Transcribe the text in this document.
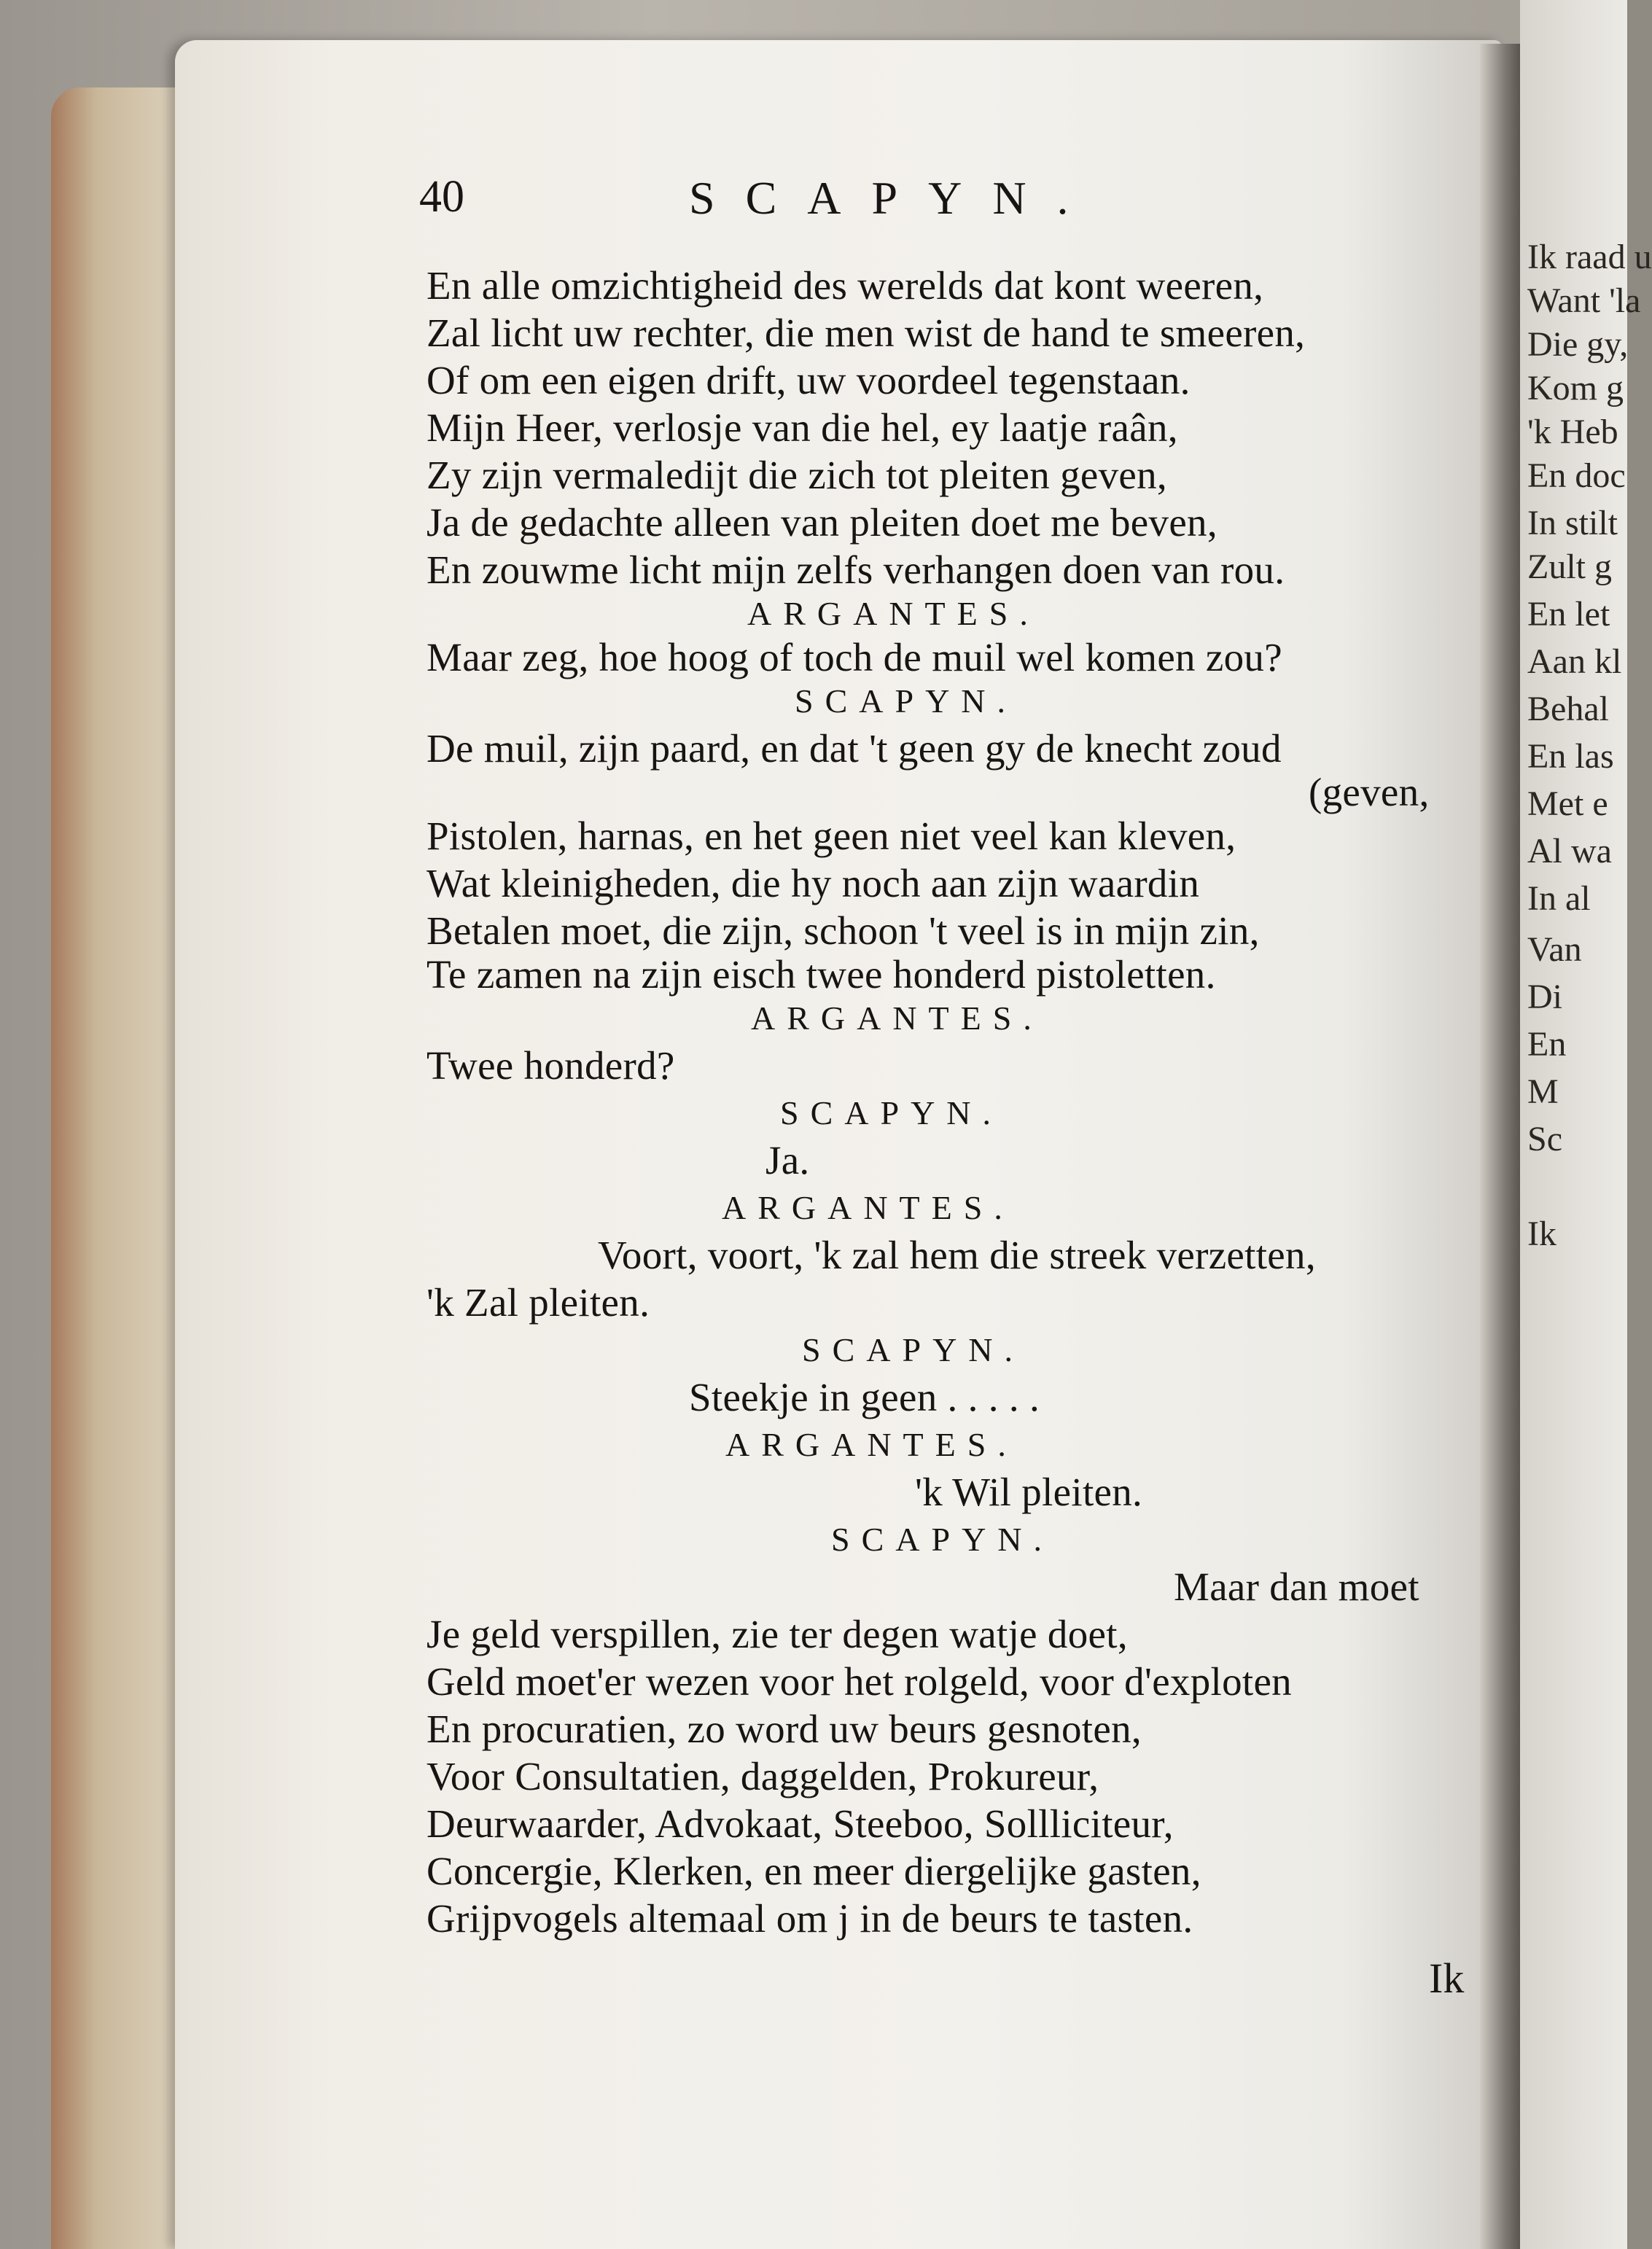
Ik raad u
Want 'la
Die gy,
Kom g
'k Heb
En doc
In stilt
Zult g
En let
Aan kl
Behal
En las
Met e
Al wa
In al
Van
Di
En
M
Sc
Ik
40	SCAPYN.
En alle omzichtigheid des werelds dat kont weeren,
Zal licht uw rechter, die men wist de hand te smeeren,
Of om een eigen drift, uw voordeel tegenstaan.
Mijn Heer, verlosje van die hel, ey laatje raân,
Zy zijn vermaledijt die zich tot pleiten geven,
Ja de gedachte alleen van pleiten doet me beven,
En zouwme licht mijn zelfs verhangen doen van rou.
ARGANTES.
Maar zeg, hoe hoog of toch de muil wel komen zou?
SCAPYN.
De muil, zijn paard, en dat 't geen gy de knecht zoud
(geven,
Pistolen, harnas, en het geen niet veel kan kleven,
Wat kleinigheden, die hy noch aan zijn waardin
Betalen moet, die zijn, schoon 't veel is in mijn zin,
Te zamen na zijn eisch twee honderd pistoletten.
ARGANTES.
Twee honderd?
SCAPYN.
Ja.
ARGANTES.
Voort, voort, 'k zal hem die streek verzetten,
'k Zal pleiten.
SCAPYN.
Steekje in geen . . . . .
ARGANTES.
'k Wil pleiten.
SCAPYN.
Maar dan moet
Je geld verspillen, zie ter degen watje doet,
Geld moet'er wezen voor het rolgeld, voor d'exploten
En procuratien, zo word uw beurs gesnoten,
Voor Consultatien, daggelden, Prokureur,
Deurwaarder, Advokaat, Steeboo, Sollliciteur,
Concergie, Klerken, en meer diergelijke gasten,
Grijpvogels altemaal om j in de beurs te tasten.
Ik
